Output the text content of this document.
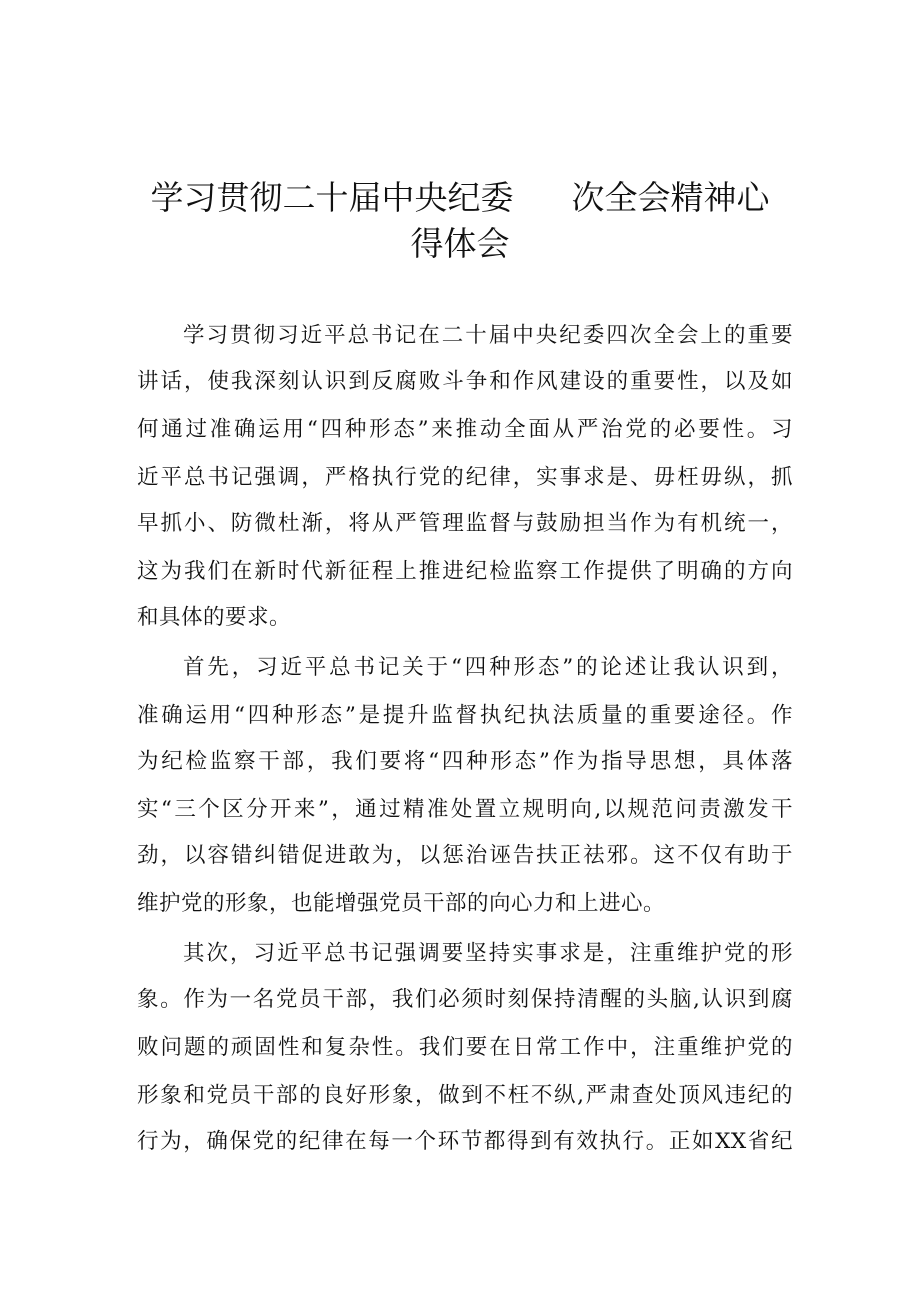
学习贯彻二十届中央纪委 次全会精神心
得体会
学习贯彻习近平总书记在二十届中央纪委四次全会上的重要
讲话，使我深刻认识到反腐败斗争和作风建设的重要性，以及如
何通过准确运用“四种形态”来推动全面从严治党的必要性。习
近平总书记强调，严格执行党的纪律，实事求是、毋枉毋纵，抓
早抓小、防微杜渐，将从严管理监督与鼓励担当作为有机统一，
这为我们在新时代新征程上推进纪检监察工作提供了明确的方向
和具体的要求。
首先，习近平总书记关于“四种形态”的论述让我认识到，
准确运用“四种形态”是提升监督执纪执法质量的重要途径。作
为纪检监察干部，我们要将“四种形态”作为指导思想，具体落
实“三个区分开来”，通过精准处置立规明向,以规范问责激发干
劲，以容错纠错促进敢为，以惩治诬告扶正祛邪。这不仅有助于
维护党的形象，也能增强党员干部的向心力和上进心。
其次，习近平总书记强调要坚持实事求是，注重维护党的形
象。作为一名党员干部，我们必须时刻保持清醒的头脑,认识到腐
败问题的顽固性和复杂性。我们要在日常工作中，注重维护党的
形象和党员干部的良好形象，做到不枉不纵,严肃查处顶风违纪的
行为，确保党的纪律在每一个环节都得到有效执行。正如XX省纪
